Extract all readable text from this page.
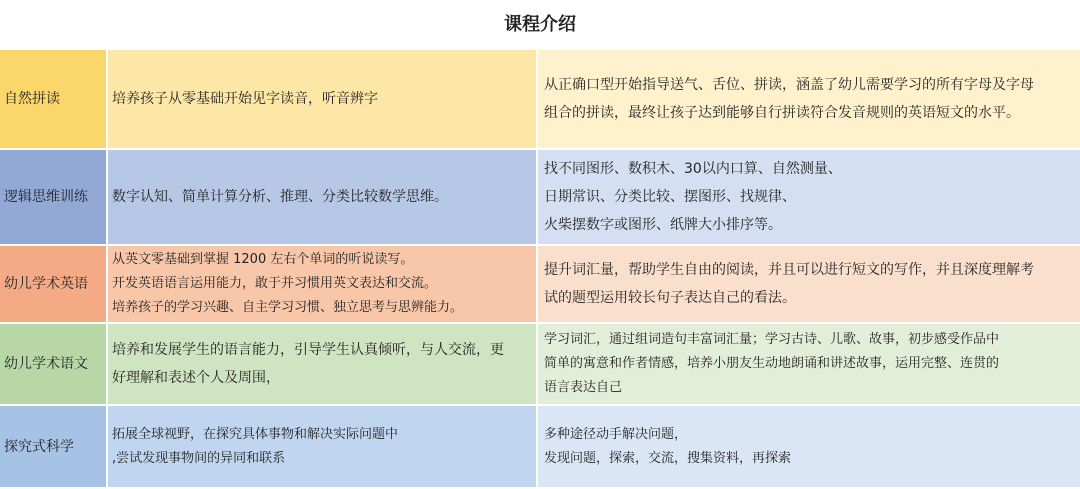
课程介绍
自然拼读	培养孩子从零基础开始见字读音，听音辨字
从正确口型开始指导送气、舌位、拼读，涵盖了幼儿需要学习的所有字母及字母
组合的拼读，最终让孩子达到能够自行拼读符合发音规则的英语短文的水平。
逻辑思维训练 数字认知、简单计算分析、推理、分类比较数学思维。
找不同图形、数积木、30以内口算、自然测量、
日期常识、分类比较、摆图形、找规律、
火柴摆数字或图形、纸牌大小排序等。
幼儿学术英语
从英文零基础到掌握 1200 左右个单词的听说读写。
开发英语语言运用能力，敢于并习惯用英文表达和交流。
培养孩子的学习兴趣、自主学习习惯、独立思考与思辨能力。
提升词汇量，帮助学生自由的阅读，并且可以进行短文的写作，并且深度理解考
试的题型运用较长句子表达自己的看法。
幼儿学术语文
培养和发展学生的语言能力，引导学生认真倾听，与人交流，更
好理解和表述个人及周围，
学习词汇，通过组词造句丰富词汇量；学习古诗、儿歌、故事，初步感受作品中
简单的寓意和作者情感，培养小朋友生动地朗诵和讲述故事，运用完整、连贯的
语言表达自己
探究式科学
拓展全球视野，在探究具体事物和解决实际问题中
,尝试发现事物间的异同和联系
多种途径动手解决问题，
发现问题，探索，交流，搜集资料，再探索
